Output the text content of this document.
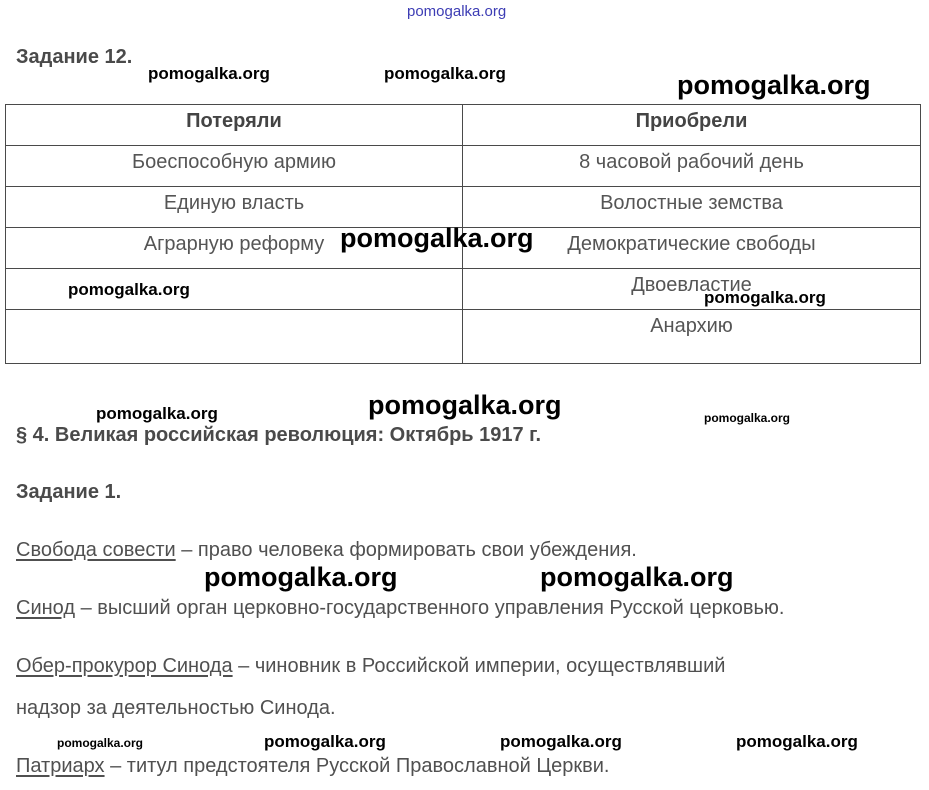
pomogalka.org
Задание 12.
Потеряли	Приобрели
Боеспособную армию	8 часовой рабочий день
Единую власть	Волостные земства
Аграрную реформу	Демократические свободы
	Двоевластие
	Анархию
§ 4. Великая российская революция: Октябрь 1917 г.
Задание 1.
Свобода совести – право человека формировать свои убеждения.
Синод – высший орган церковно-государственного управления Русской церковью.
Обер-прокурор Синода – чиновник в Российской империи, осуществлявший
надзор за деятельностью Синода.
Патриарх – титул предстоятеля Русской Православной Церкви.
pomogalka.org	pomogalka.org	pomogalka.org
pomogalka.org
pomogalka.org	pomogalka.org
pomogalka.org	pomogalka.org	pomogalka.org
pomogalka.org	pomogalka.org
pomogalka.org	pomogalka.org	pomogalka.org	pomogalka.org
